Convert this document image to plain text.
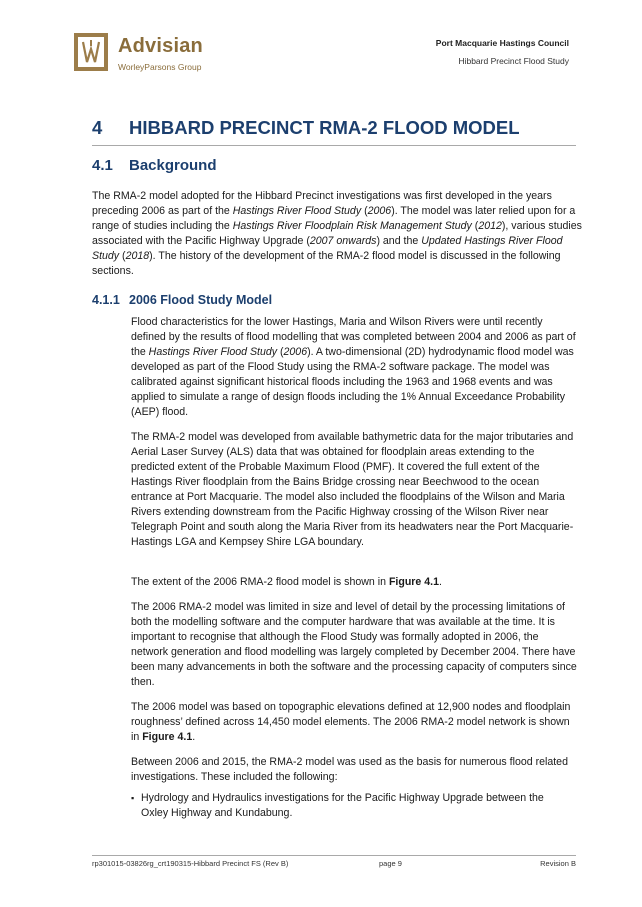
Advisian
WorleyParsons Group
Port Macquarie Hastings Council
Hibbard Precinct Flood Study
4	HIBBARD PRECINCT RMA-2 FLOOD MODEL
4.1	Background
The RMA-2 model adopted for the Hibbard Precinct investigations was first developed in the years preceding 2006 as part of the Hastings River Flood Study (2006). The model was later relied upon for a range of studies including the Hastings River Floodplain Risk Management Study (2012), various studies associated with the Pacific Highway Upgrade (2007 onwards) and the Updated Hastings River Flood Study (2018). The history of the development of the RMA-2 flood model is discussed in the following sections.
4.1.1 2006 Flood Study Model
Flood characteristics for the lower Hastings, Maria and Wilson Rivers were until recently defined by the results of flood modelling that was completed between 2004 and 2006 as part of the Hastings River Flood Study (2006). A two-dimensional (2D) hydrodynamic flood model was developed as part of the Flood Study using the RMA-2 software package. The model was calibrated against significant historical floods including the 1963 and 1968 events and was applied to simulate a range of design floods including the 1% Annual Exceedance Probability (AEP) flood.
The RMA-2 model was developed from available bathymetric data for the major tributaries and Aerial Laser Survey (ALS) data that was obtained for floodplain areas extending to the predicted extent of the Probable Maximum Flood (PMF). It covered the full extent of the Hastings River floodplain from the Bains Bridge crossing near Beechwood to the ocean entrance at Port Macquarie. The model also included the floodplains of the Wilson and Maria Rivers extending downstream from the Pacific Highway crossing of the Wilson River near Telegraph Point and south along the Maria River from its headwaters near the Port Macquarie-Hastings LGA and Kempsey Shire LGA boundary.
The extent of the 2006 RMA-2 flood model is shown in Figure 4.1.
The 2006 RMA-2 model was limited in size and level of detail by the processing limitations of both the modelling software and the computer hardware that was available at the time. It is important to recognise that although the Flood Study was formally adopted in 2006, the network generation and flood modelling was largely completed by December 2004. There have been many advancements in both the software and the processing capacity of computers since then.
The 2006 model was based on topographic elevations defined at 12,900 nodes and floodplain roughness’ defined across 14,450 model elements. The 2006 RMA-2 model network is shown in Figure 4.1.
Between 2006 and 2015, the RMA-2 model was used as the basis for numerous flood related investigations. These included the following:
▪ Hydrology and Hydraulics investigations for the Pacific Highway Upgrade between the Oxley Highway and Kundabung.
rp301015-03826rg_crt190315-Hibbard Precinct FS (Rev B)	page 9	Revision B
